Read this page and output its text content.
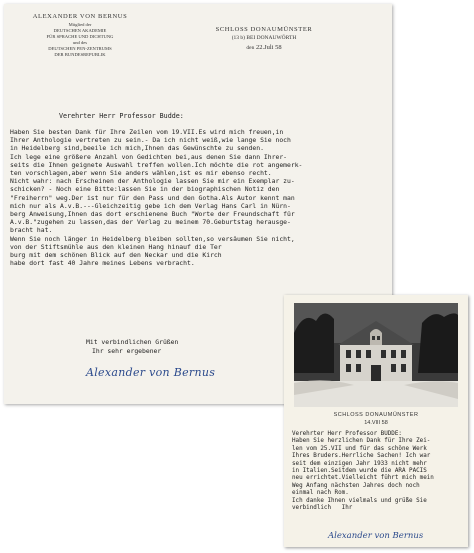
ALEXANDER VON BERNUS
Mitglied der
DEUTSCHEN AKADEMIE
FÜR SPRACHE UND DICHTUNG
und des
DEUTSCHEN PEN-ZENTRUMS
DER BUNDESREPUBLIK
SCHLOSS DONAUMÜNSTER
(13 b) BEI DONAUWÖRTH
den 22.Juli 58
Verehrter Herr Professor Budde:
Haben Sie besten Dank für Ihre Zeilen vom 19.VII.Es wird mich freuen,in
Ihrer Anthologie vertreten zu sein.- Da ich nicht weiß,wie lange Sie noch
in Heidelberg sind,beeile ich mich,Ihnen das Gewünschte zu senden.
Ich lege eine größere Anzahl von Gedichten bei,aus denen Sie dann Ihrer-
seits die Ihnen geignete Auswahl treffen wollen.Ich möchte die rot angemerk-
ten vorschlagen,aber wenn Sie anders wählen,ist es mir ebenso recht.
Nicht wahr: nach Erscheinen der Anthologie lassen Sie mir ein Exemplar zu-
schicken? - Noch eine Bitte:lassen Sie in der biographischen Notiz den
"Freiherrn" weg.Der ist nur für den Pass und den Gotha.Als Autor kennt man
mich nur als A.v.B.---Gleichzeitig gebe ich dem Verlag Hans Carl in Nürn-
berg Anweisung,Ihnen das dort erschienene Buch "Worte der Freundschaft für
A.v.B."zugehen zu lassen,das der Verlag zu meinem 70.Geburtstag herausge-
bracht hat.
Wenn Sie noch länger in Heidelberg bleiben sollten,so versäumen Sie nicht,
von der Stiftsmühle aus den kleinen Hang hinauf die Ter
burg mit dem schönen Blick auf den Neckar und die Kirch
habe dort fast 40 Jahre meines Lebens verbracht.
Mit verbindlichen Grüßen
Ihr sehr ergebener
Alexander von Bernus
SCHLOSS DONAUMÜNSTER
14.VIII 58
Verehrter Herr Professor BUDDE:
Haben Sie herzlichen Dank für Ihre Zei-
len vom 25.VII und für das schöne Werk
Ihres Bruders.Herrliche Sachen! Ich war
seit dem einzigen Jahr 1933 nicht mehr
in Italien.Seitdem wurde die ARA PACIS
neu errichtet.Vielleicht führt mich mein
Weg Anfang nächsten Jahres doch noch
einmal nach Rom.
Ich danke Ihnen vielmals und grüße Sie
verbindlich   Ihr
Alexander von Bernus
